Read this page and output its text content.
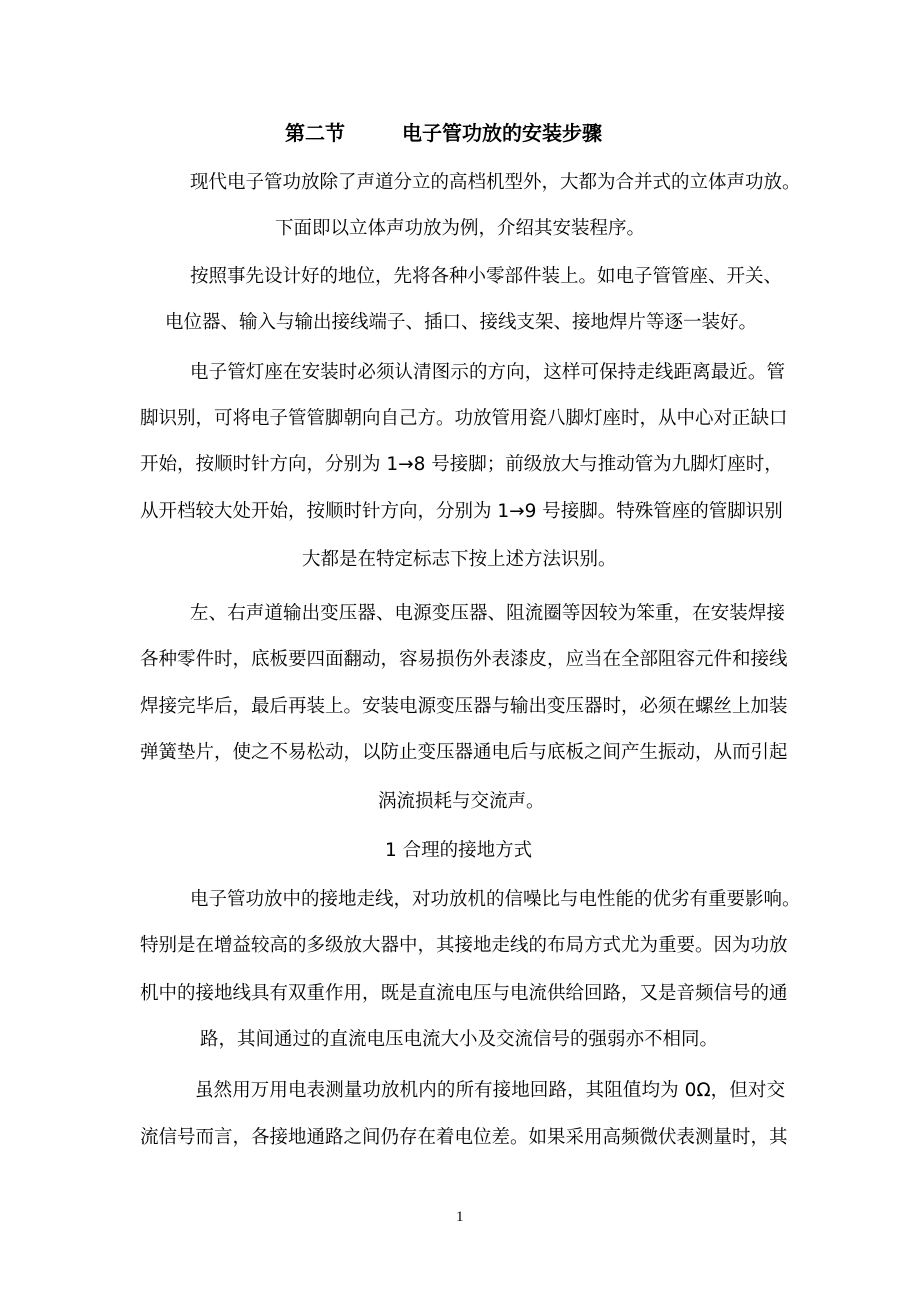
第二节	电子管功放的安装步骤
现代电子管功放除了声道分立的高档机型外，大都为合并式的立体声功放。
下面即以立体声功放为例，介绍其安装程序。
按照事先设计好的地位，先将各种小零部件装上。如电子管管座、开关、
电位器、输入与输出接线端子、插口、接线支架、接地焊片等逐一装好。
电子管灯座在安装时必须认清图示的方向，这样可保持走线距离最近。管
脚识别，可将电子管管脚朝向自己方。功放管用瓷八脚灯座时，从中心对正缺口
开始，按顺时针方向，分别为 1→8 号接脚；前级放大与推动管为九脚灯座时，
从开档较大处开始，按顺时针方向，分别为 1→9 号接脚。特殊管座的管脚识别
大都是在特定标志下按上述方法识别。
左、右声道输出变压器、电源变压器、阻流圈等因较为笨重，在安装焊接
各种零件时，底板要四面翻动，容易损伤外表漆皮，应当在全部阻容元件和接线
焊接完毕后，最后再装上。安装电源变压器与输出变压器时，必须在螺丝上加装
弹簧垫片，使之不易松动，以防止变压器通电后与底板之间产生振动，从而引起
涡流损耗与交流声。
1 合理的接地方式
电子管功放中的接地走线，对功放机的信噪比与电性能的优劣有重要影响。
特别是在增益较高的多级放大器中，其接地走线的布局方式尤为重要。因为功放
机中的接地线具有双重作用，既是直流电压与电流供给回路，又是音频信号的通
路，其间通过的直流电压电流大小及交流信号的强弱亦不相同。
虽然用万用电表测量功放机内的所有接地回路，其阻值均为 0Ω，但对交
流信号而言，各接地通路之间仍存在着电位差。如果采用高频微伏表测量时，其
1
